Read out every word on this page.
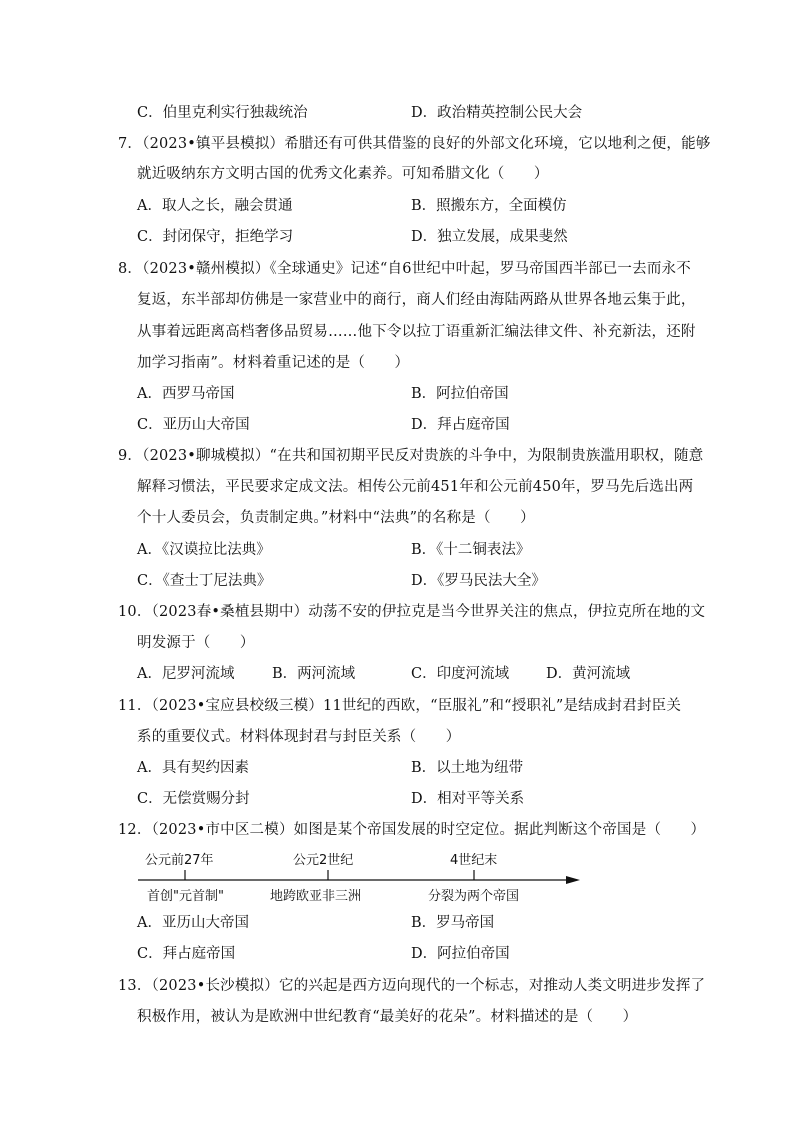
C．伯里克利实行独裁统治	D．政治精英控制公民大会
7．（2023•镇平县模拟）希腊还有可供其借鉴的良好的外部文化环境，它以地利之便，能够
就近吸纳东方文明古国的优秀文化素养。可知希腊文化（　　）
A．取人之长，融会贯通	B．照搬东方，全面模仿
C．封闭保守，拒绝学习	D．独立发展，成果斐然
8．（2023•赣州模拟）《全球通史》记述“自6世纪中叶起，罗马帝国西半部已一去而永不
复返，东半部却仿佛是一家营业中的商行，商人们经由海陆两路从世界各地云集于此，
从事着远距离高档奢侈品贸易……他下令以拉丁语重新汇编法律文件、补充新法，还附
加学习指南”。材料着重记述的是（　　）
A．西罗马帝国	B．阿拉伯帝国
C．亚历山大帝国	D．拜占庭帝国
9．（2023•聊城模拟）“在共和国初期平民反对贵族的斗争中，为限制贵族滥用职权，随意
解释习惯法，平民要求定成文法。相传公元前451年和公元前450年，罗马先后选出两
个十人委员会，负责制定典。”材料中“法典”的名称是（　　）
A．《汉谟拉比法典》	B．《十二铜表法》
C．《查士丁尼法典》	D．《罗马民法大全》
10．（2023春•桑植县期中）动荡不安的伊拉克是当今世界关注的焦点，伊拉克所在地的文
明发源于（　　）
A．尼罗河流域	B．两河流域	C．印度河流域	D．黄河流域
11．（2023•宝应县校级三模）11世纪的西欧，“臣服礼”和“授职礼”是结成封君封臣关
系的重要仪式。材料体现封君与封臣关系（　　）
A．具有契约因素	B．以土地为纽带
C．无偿赏赐分封	D．相对平等关系
12．（2023•市中区二模）如图是某个帝国发展的时空定位。据此判断这个帝国是（　　）
公元前27年	公元2世纪	4世纪末
首创"元首制"	地跨欧亚非三洲	分裂为两个帝国
A．亚历山大帝国	B．罗马帝国
C．拜占庭帝国	D．阿拉伯帝国
13．（2023•长沙模拟）它的兴起是西方迈向现代的一个标志，对推动人类文明进步发挥了
积极作用，被认为是欧洲中世纪教育“最美好的花朵”。材料描述的是（　　）
